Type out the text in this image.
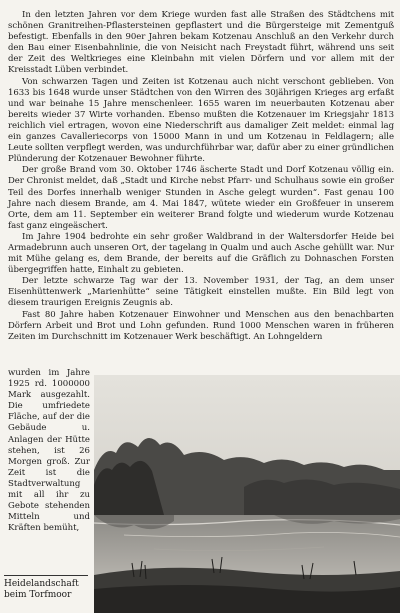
In den letzten Jahren vor dem Kriege wurden fast alle Straßen des Städtchens mit schönen Granitreihen-Pflastersteinen gepflastert und die Bürgersteige mit Zementguß befestigt. Ebenfalls in den 90er Jahren bekam Kotzenau Anschluß an den Verkehr durch den Bau einer Eisenbahnlinie, die von Neisicht nach Freystadt führt, während uns seit der Zeit des Weltkrieges eine Kleinbahn mit vielen Dörfern und vor allem mit der Kreisstadt Lüben verbindet.

Von schwarzen Tagen und Zeiten ist Kotzenau auch nicht verschont geblieben. Von 1633 bis 1648 wurde unser Städtchen von den Wirren des 30jährigen Krieges arg erfaßt und war beinahe 15 Jahre menschenleer. 1655 waren im neuerbauten Kotzenau aber bereits wieder 37 Wirte vorhanden. Ebenso mußten die Kotzenauer im Kriegsjahr 1813 reichlich viel ertragen, wovon eine Niederschrift aus damaliger Zeit meldet: einmal lag ein ganzes Cavalleriecorps von 15000 Mann in und um Kotzenau in Feldlagern; alle Leute sollten verpflegt werden, was undurchführbar war, dafür aber zu einer gründlichen Plünderung der Kotzenauer Bewohner führte.

Der große Brand vom 30. Oktober 1746 äscherte Stadt und Dorf Kotzenau völlig ein. Der Chronist meldet, daß „Stadt und Kirche nebst Pfarr- und Schulhaus sowie ein großer Teil des Dorfes innerhalb weniger Stunden in Asche gelegt wurden“. Fast genau 100 Jahre nach diesem Brande, am 4. Mai 1847, wütete wieder ein Großfeuer in unserem Orte, dem am 11. September ein weiterer Brand folgte und wiederum wurde Kotzenau fast ganz eingeäschert.

Im Jahre 1904 bedrohte ein sehr großer Waldbrand in der Waltersdorfer Heide bei Armadebrunn auch unseren Ort, der tagelang in Qualm und auch Asche gehüllt war. Nur mit Mühe gelang es, dem Brande, der bereits auf die Gräflich zu Dohnaschen Forsten übergegriffen hatte, Einhalt zu gebieten.

Der letzte schwarze Tag war der 13. November 1931, der Tag, an dem unser Eisenhüttenwerk „Marienhütte“ seine Tätigkeit einstellen mußte. Ein Bild legt von diesem traurigen Ereignis Zeugnis ab.

Fast 80 Jahre haben Kotzenauer Einwohner und Menschen aus den benachbarten Dörfern Arbeit und Brot und Lohn gefunden. Rund 1000 Menschen waren in früheren Zeiten im Durchschnitt im Kotzenauer Werk beschäftigt. An Lohngeldern

wurden im Jahre 1925 rd. 1000000 Mark ausgezahlt. Die umfriedete Fläche, auf der die Gebäude u. Anlagen der Hütte stehen, ist 26 Morgen groß. Zur Zeit ist die Stadtverwaltung mit all ihr zu Gebote stehenden Mitteln und Kräften bemüht,
Heidelandschaft
beim Torfmoor
